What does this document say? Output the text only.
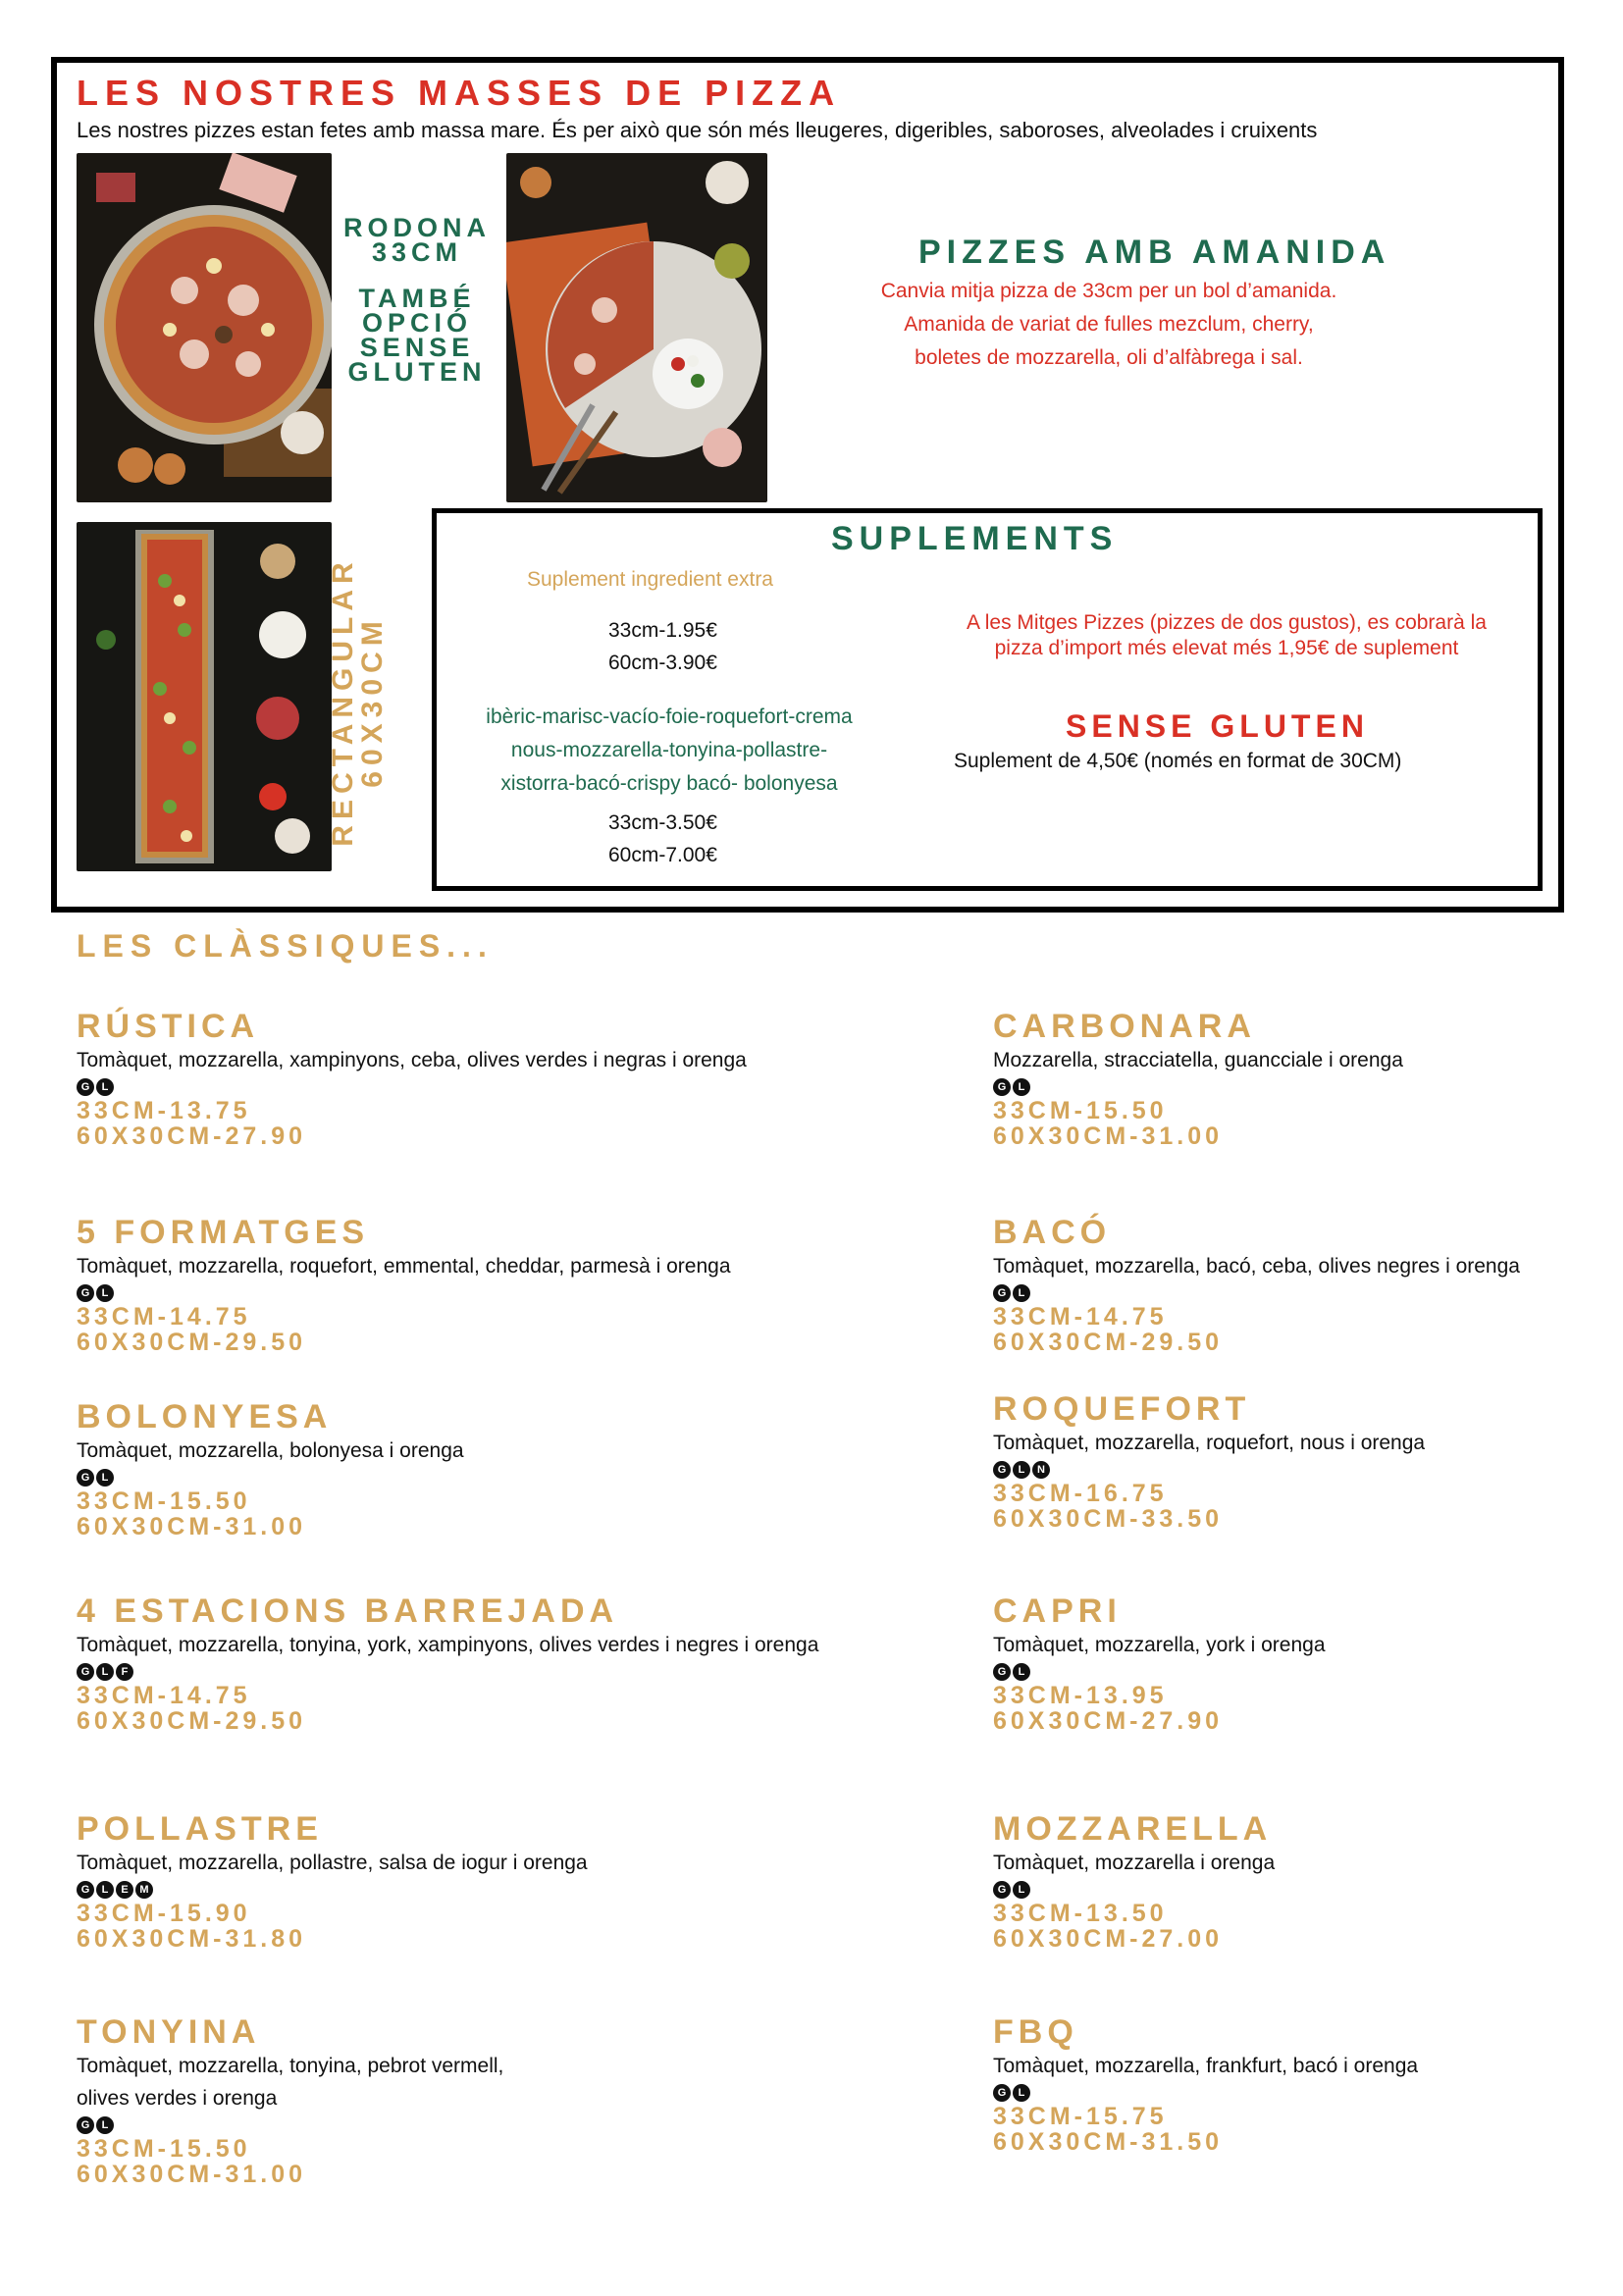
LES NOSTRES MASSES DE PIZZA
Les nostres pizzes estan fetes amb massa mare. És per això que són més lleugeres, digeribles, saboroses, alveolades i cruixents
RODONA
33CM
TAMBÉ
OPCIÓ
SENSE
GLUTEN
PIZZES AMB AMANIDA
Canvia mitja pizza de 33cm per un bol d’amanida.
Amanida de variat de fulles mezclum, cherry,
boletes de mozzarella, oli d’alfàbrega i sal.
RECTANGULAR
60X30CM
SUPLEMENTS
Suplement ingredient extra
33cm-1.95€
60cm-3.90€
ibèric-marisc-vacío-foie-roquefort-crema
nous-mozzarella-tonyina-pollastre-
xistorra-bacó-crispy bacó- bolonyesa
33cm-3.50€
60cm-7.00€
A les Mitges Pizzes (pizzes de dos gustos), es cobrarà la
pizza d’import més elevat més 1,95€ de suplement
SENSE GLUTEN
Suplement de 4,50€ (només en format de 30CM)
LES CLÀSSIQUES...
RÚSTICA
Tomàquet, mozzarella, xampinyons, ceba, olives verdes i negras i orenga
G	L
33CM-13.75
60X30CM-27.90
5 FORMATGES
Tomàquet, mozzarella, roquefort, emmental, cheddar, parmesà i orenga
G	L
33CM-14.75
60X30CM-29.50
BOLONYESA
Tomàquet, mozzarella, bolonyesa i orenga
G	L
33CM-15.50
60X30CM-31.00
4 ESTACIONS BARREJADA
Tomàquet, mozzarella, tonyina, york, xampinyons, olives verdes i negres i orenga
G	L	F
33CM-14.75
60X30CM-29.50
POLLASTRE
Tomàquet, mozzarella, pollastre, salsa de iogur i orenga
G	L	E	M
33CM-15.90
60X30CM-31.80
TONYINA
Tomàquet, mozzarella, tonyina, pebrot vermell,
olives verdes i orenga
G	L
33CM-15.50
60X30CM-31.00
CARBONARA
Mozzarella, stracciatella, guancciale i orenga
G	L
33CM-15.50
60X30CM-31.00
BACÓ
Tomàquet, mozzarella, bacó, ceba, olives negres i orenga
G	L
33CM-14.75
60X30CM-29.50
ROQUEFORT
Tomàquet, mozzarella, roquefort, nous i orenga
G	L	N
33CM-16.75
60X30CM-33.50
CAPRI
Tomàquet, mozzarella, york i orenga
G	L
33CM-13.95
60X30CM-27.90
MOZZARELLA
Tomàquet, mozzarella i orenga
G	L
33CM-13.50
60X30CM-27.00
FBQ
Tomàquet, mozzarella, frankfurt, bacó i orenga
G	L
33CM-15.75
60X30CM-31.50
